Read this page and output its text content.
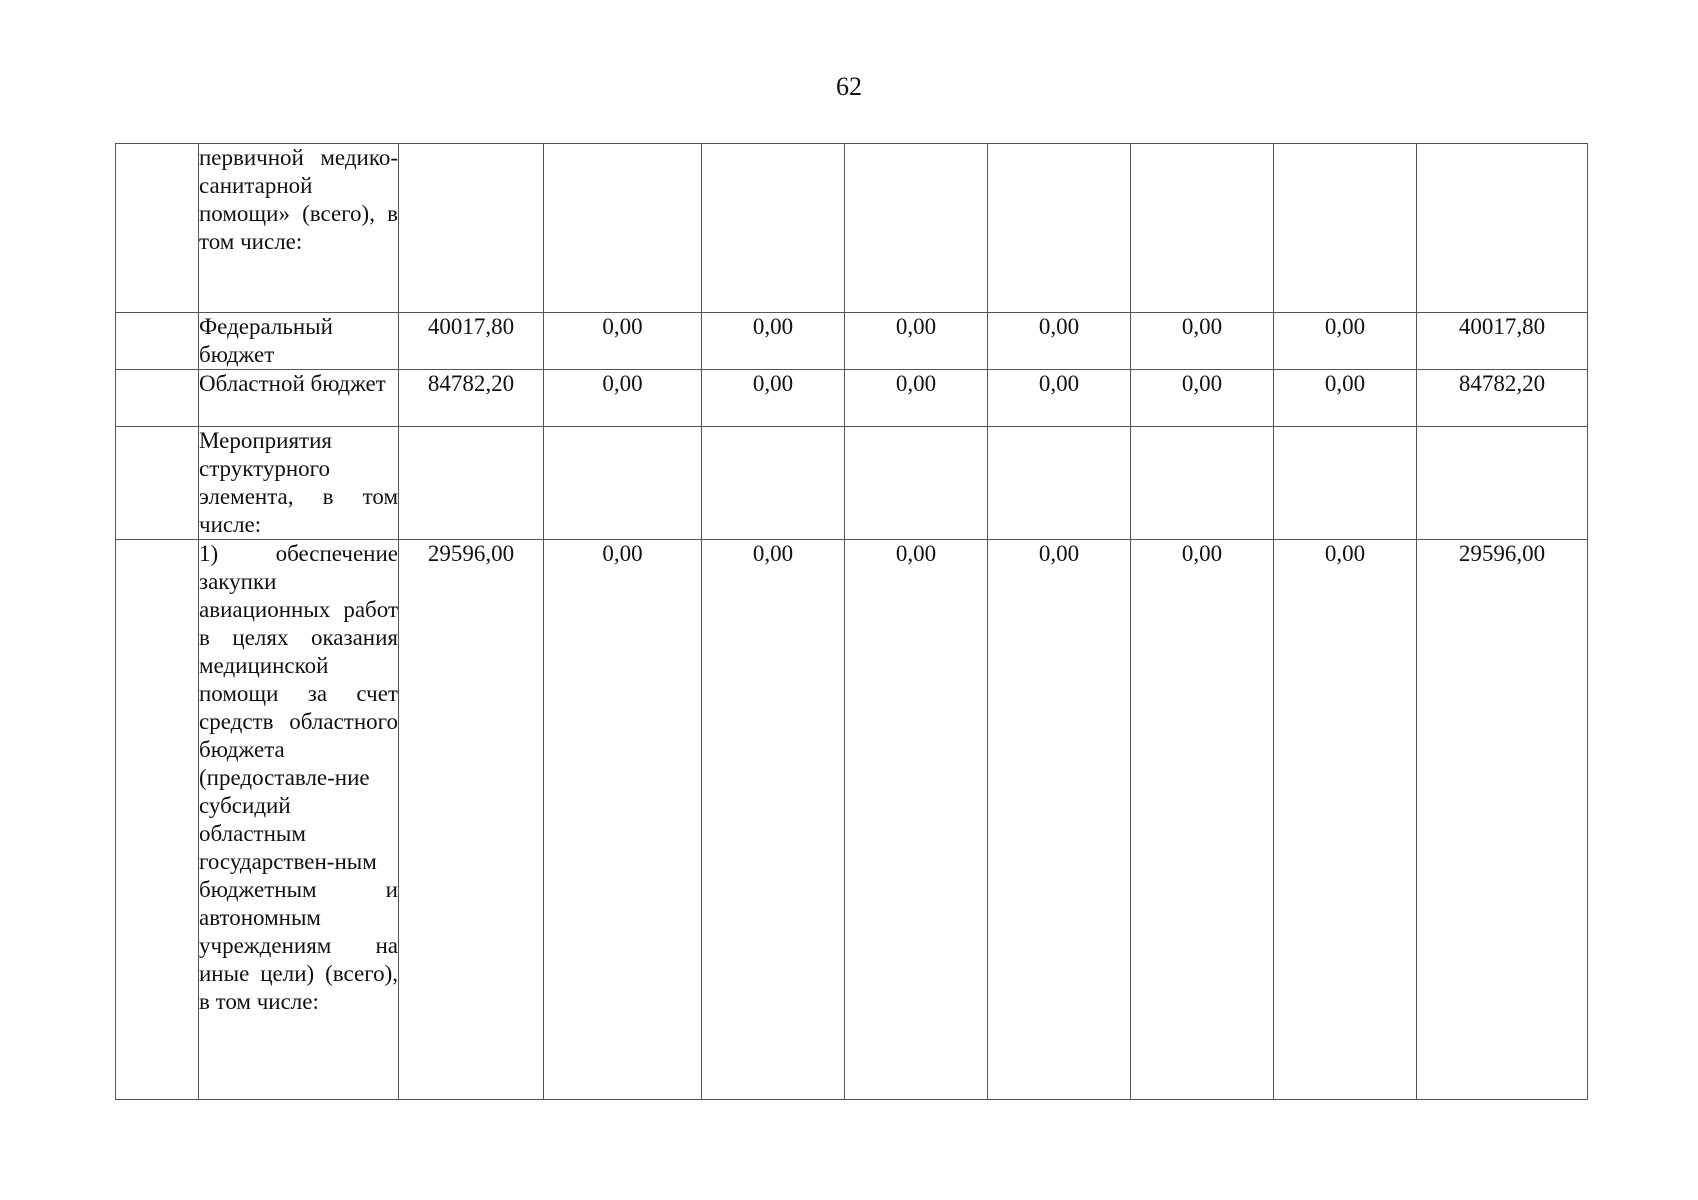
62
	первичной медико-санитарной помощи» (всего), в том числе:								
	Федеральный бюджет	40017,80	0,00	0,00	0,00	0,00	0,00	0,00	40017,80
	Областной бюджет	84782,20	0,00	0,00	0,00	0,00	0,00	0,00	84782,20
	Мероприятия структурного элемента, в том числе:								
	1) обеспечение закупки авиационных работ в целях оказания медицинской помощи за счет средств областного бюджета (предоставле-ние субсидий областным государствен-ным бюджетным и автономным учреждениям на иные цели) (всего), в том числе:	29596,00	0,00	0,00	0,00	0,00	0,00	0,00	29596,00
